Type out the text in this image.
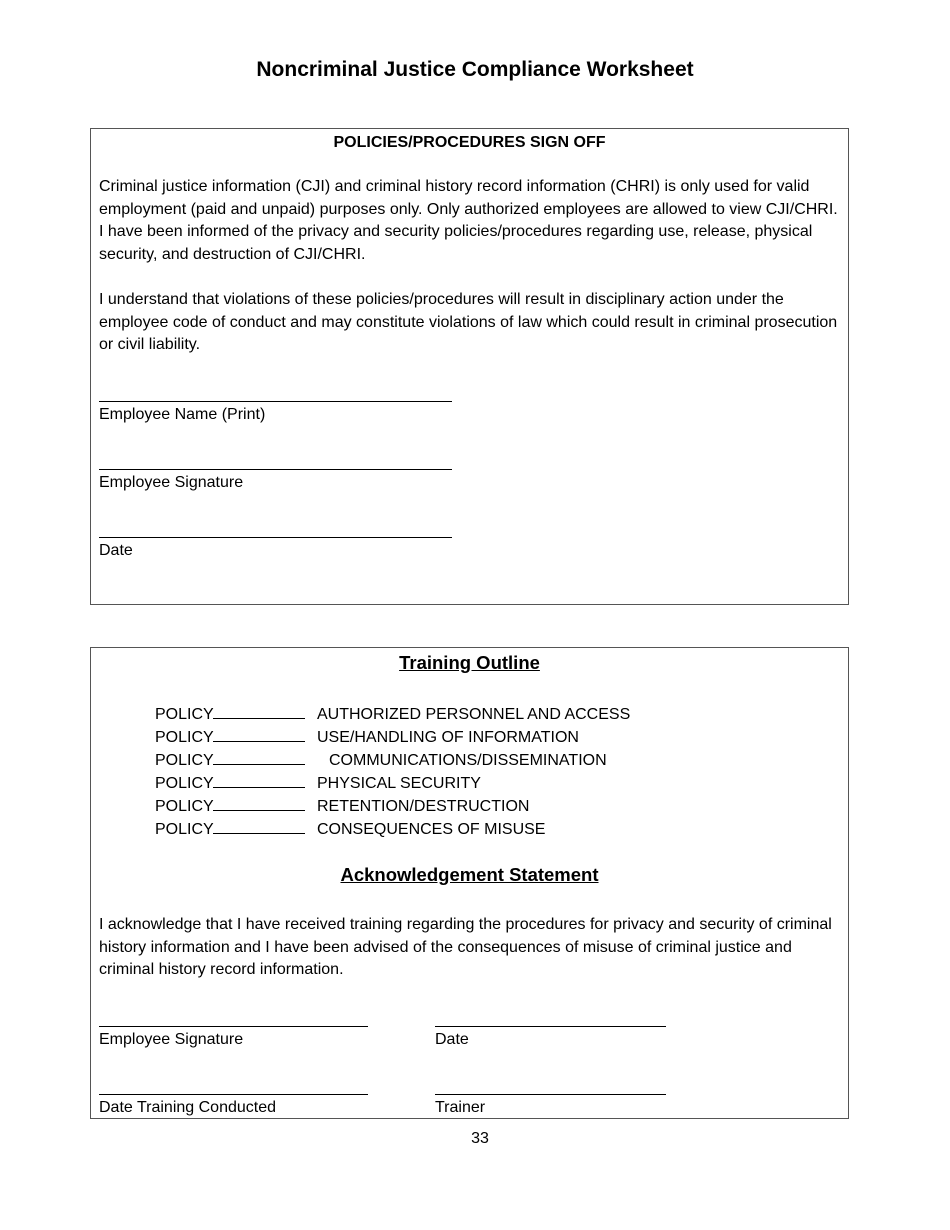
Noncriminal Justice Compliance Worksheet
POLICIES/PROCEDURES SIGN OFF
Criminal justice information (CJI) and criminal history record information (CHRI) is only used for valid employment (paid and unpaid) purposes only. Only authorized employees are allowed to view CJI/CHRI. I have been informed of the privacy and security policies/procedures regarding use, release, physical security, and destruction of CJI/CHRI.
I understand that violations of these policies/procedures will result in disciplinary action under the employee code of conduct and may constitute violations of law which could result in criminal prosecution or civil liability.
Employee Name (Print)
Employee Signature
Date
Training Outline
POLICY	AUTHORIZED PERSONNEL AND ACCESS
POLICY	USE/HANDLING OF INFORMATION
POLICY	COMMUNICATIONS/DISSEMINATION
POLICY	PHYSICAL SECURITY
POLICY	RETENTION/DESTRUCTION
POLICY	CONSEQUENCES OF MISUSE
Acknowledgement Statement
I acknowledge that I have received training regarding the procedures for privacy and security of criminal history information and I have been advised of the consequences of misuse of criminal justice and criminal history record information.
Employee Signature	Date
Date Training Conducted	Trainer
33
